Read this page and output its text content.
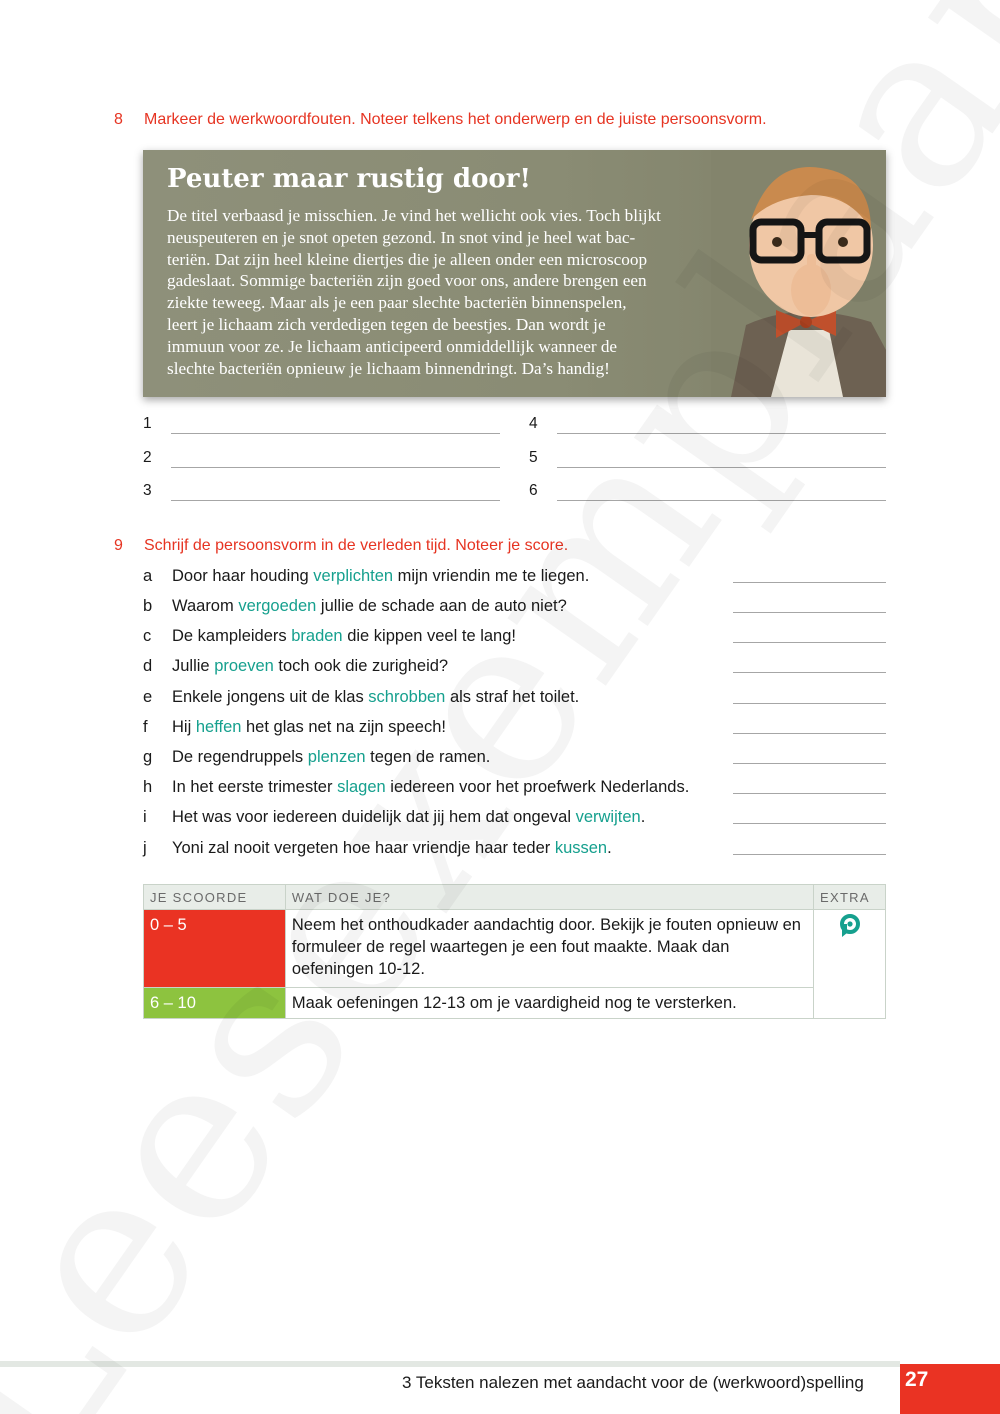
8 Markeer de werkwoordfouten. Noteer telkens het onderwerp en de juiste persoonsvorm.
Peuter maar rustig door!

De titel verbaasd je misschien. Je vind het wellicht ook vies. Toch blijkt

neuspeuteren en je snot opeten gezond. In snot vind je heel wat bac-

teriën. Dat zijn heel kleine diertjes die je alleen onder een microscoop

gadeslaat. Sommige bacteriën zijn goed voor ons, andere brengen een

ziekte teweeg. Maar als je een paar slechte bacteriën binnenspelen,

leert je lichaam zich verdedigen tegen de beestjes. Dan wordt je

immuun voor ze. Je lichaam anticipeerd onmiddellijk wanneer de

slechte bacteriën opnieuw je lichaam binnendringt. Da’s handig!

1
2
3
4
5
6
9 Schrijf de persoonsvorm in de verleden tijd. Noteer je score.
a Door haar houding verplichten mijn vriendin me te liegen.
b Waarom vergoeden jullie de schade aan de auto niet?
c De kampleiders braden die kippen veel te lang!
d Jullie proeven toch ook die zurigheid?
e Enkele jongens uit de klas schrobben als straf het toilet.
f Hij heffen het glas net na zijn speech!
g De regendruppels plenzen tegen de ramen.
h In het eerste trimester slagen iedereen voor het proefwerk Nederlands.
i Het was voor iedereen duidelijk dat jij hem dat ongeval verwijten.
j Yoni zal nooit vergeten hoe haar vriendje haar teder kussen.
JE SCOORDE	WAT DOE JE?	EXTRA
0 – 5	Neem het onthoudkader aandachtig door. Bekijk je fouten opnieuw en formuleer de regel waartegen je een fout maakte. Maak dan oefeningen 10-12.	
6 – 10	Maak oefeningen 12-13 om je vaardigheid nog te versterken.	
3 Teksten nalezen met aandacht voor de (werkwoord)spelling 27
